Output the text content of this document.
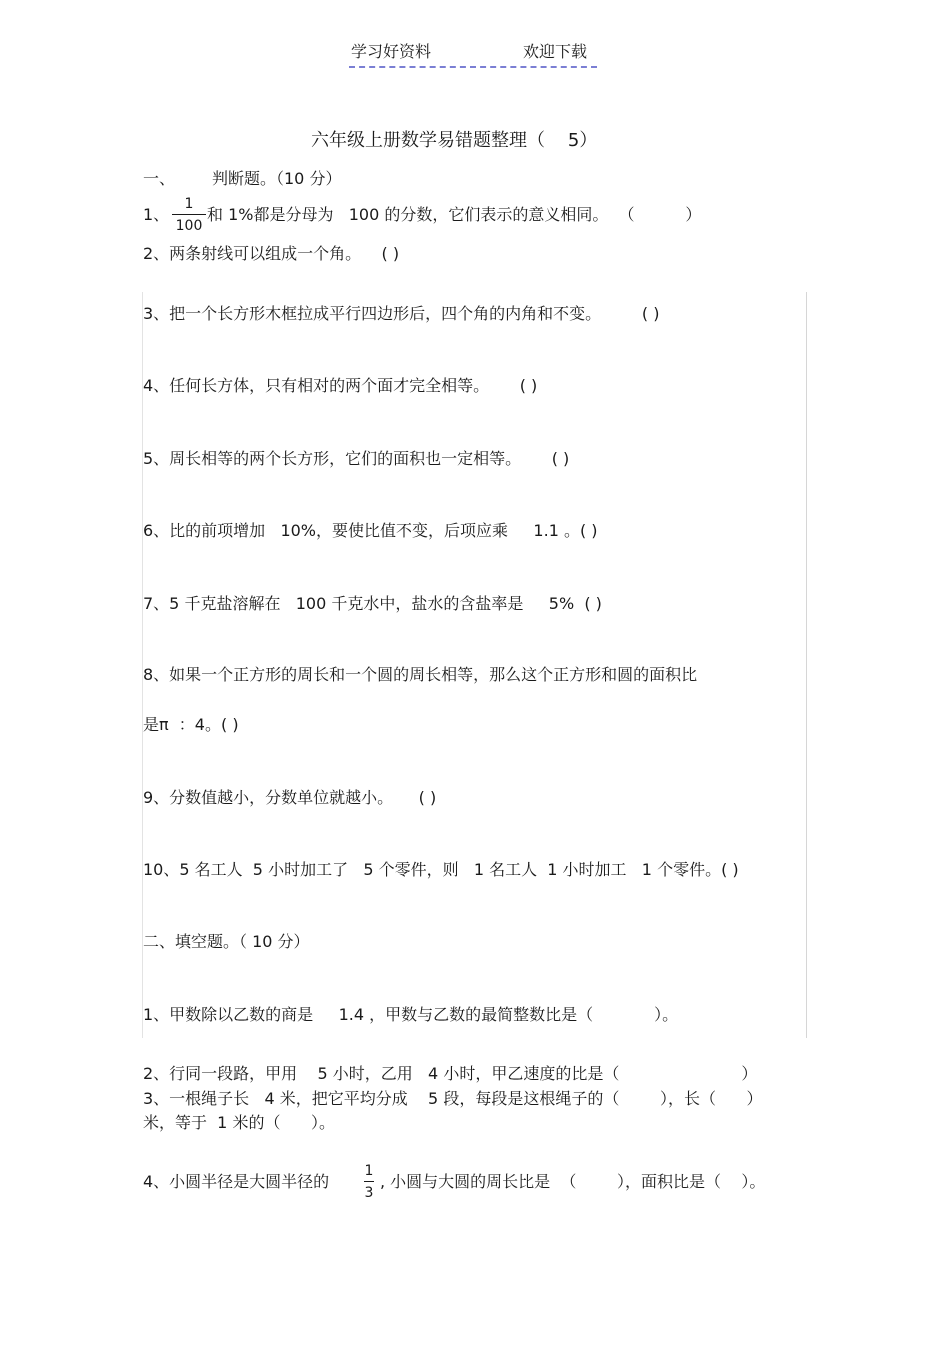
学习好资料	欢迎下载
六年级上册数学易错题整理（    5）
一、 判断题。（10 分）
1、
1
100
和 1%都是分母为   100 的分数，它们表示的意义相同。  （          ）
2、两条射线可以组成一个角。    ( )
3、把一个长方形木框拉成平行四边形后，四个角的内角和不变。        ( )
4、任何长方体，只有相对的两个面才完全相等。      ( )
5、周长相等的两个长方形，它们的面积也一定相等。      ( )
6、比的前项增加   10%，要使比值不变，后项应乘     1.1 。( )
7、5 千克盐溶解在   100 千克水中，盐水的含盐率是     5%  ( )
8、如果一个正方形的周长和一个圆的周长相等，那么这个正方形和圆的面积比
是π  ：4。( )
9、分数值越小，分数单位就越小。     ( )
10、5 名工人  5 小时加工了   5 个零件，则   1 名工人  1 小时加工   1 个零件。( )
二、填空题。（ 10 分）
1、甲数除以乙数的商是     1.4 ，甲数与乙数的最简整数比是（            ）。
2、行同一段路，甲用    5 小时，乙用   4 小时，甲乙速度的比是（                        ）
3、一根绳子长   4 米，把它平均分成    5 段，每段是这根绳子的（        ），长（      ）
米，等于  1 米的（      ）。
4、小圆半径是大圆半径的
1
3
, 小圆与大圆的周长比是  （        ），面积比是（    ）。
